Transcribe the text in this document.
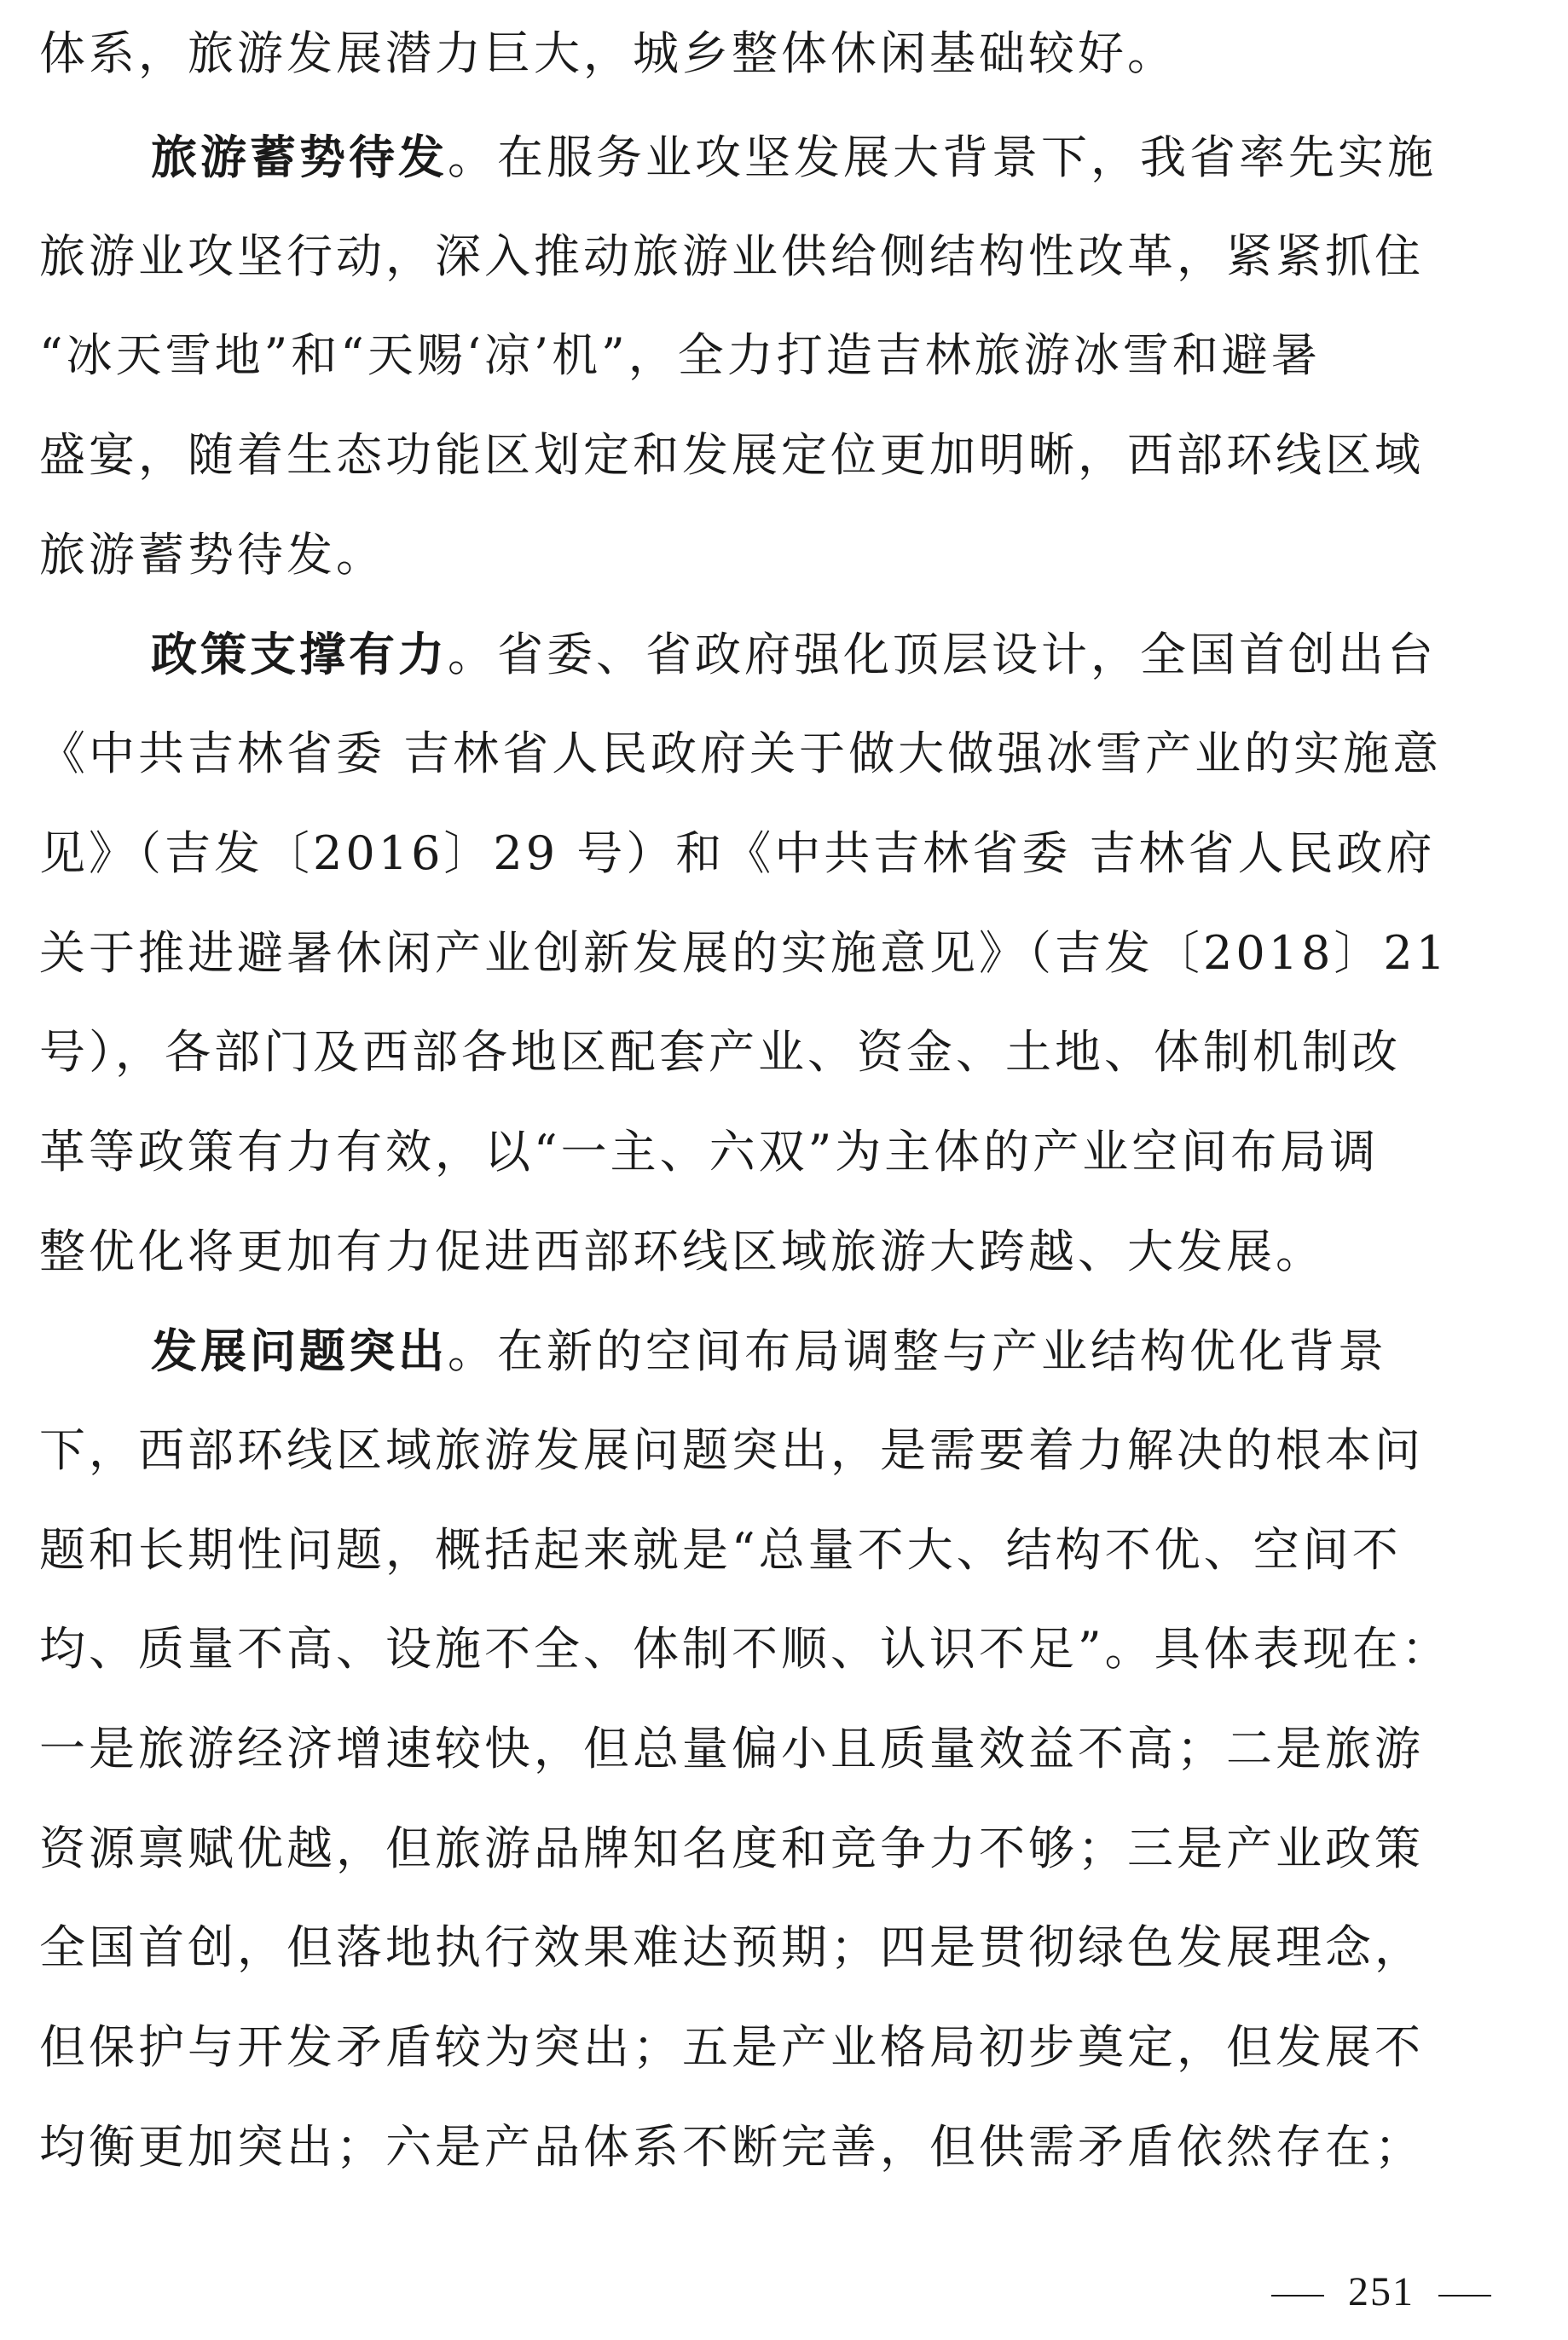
体系，旅游发展潜力巨大，城乡整体休闲基础较好。
旅游蓄势待发。在服务业攻坚发展大背景下，我省率先实施
旅游业攻坚行动，深入推动旅游业供给侧结构性改革，紧紧抓住
“冰天雪地”和“天赐‘凉’机”，全力打造吉林旅游冰雪和避暑
盛宴，随着生态功能区划定和发展定位更加明晰，西部环线区域
旅游蓄势待发。
政策支撑有力。省委、省政府强化顶层设计，全国首创出台
《中共吉林省委 吉林省人民政府关于做大做强冰雪产业的实施意
见》（吉发〔2016〕29 号）和《中共吉林省委 吉林省人民政府
关于推进避暑休闲产业创新发展的实施意见》（吉发〔2018〕21
号），各部门及西部各地区配套产业、资金、土地、体制机制改
革等政策有力有效，以“一主、六双”为主体的产业空间布局调
整优化将更加有力促进西部环线区域旅游大跨越、大发展。
发展问题突出。在新的空间布局调整与产业结构优化背景
下，西部环线区域旅游发展问题突出，是需要着力解决的根本问
题和长期性问题，概括起来就是“总量不大、结构不优、空间不
均、质量不高、设施不全、体制不顺、认识不足”。具体表现在：
一是旅游经济增速较快，但总量偏小且质量效益不高；二是旅游
资源禀赋优越，但旅游品牌知名度和竞争力不够；三是产业政策
全国首创，但落地执行效果难达预期；四是贯彻绿色发展理念，
但保护与开发矛盾较为突出；五是产业格局初步奠定，但发展不
均衡更加突出；六是产品体系不断完善，但供需矛盾依然存在；
251
